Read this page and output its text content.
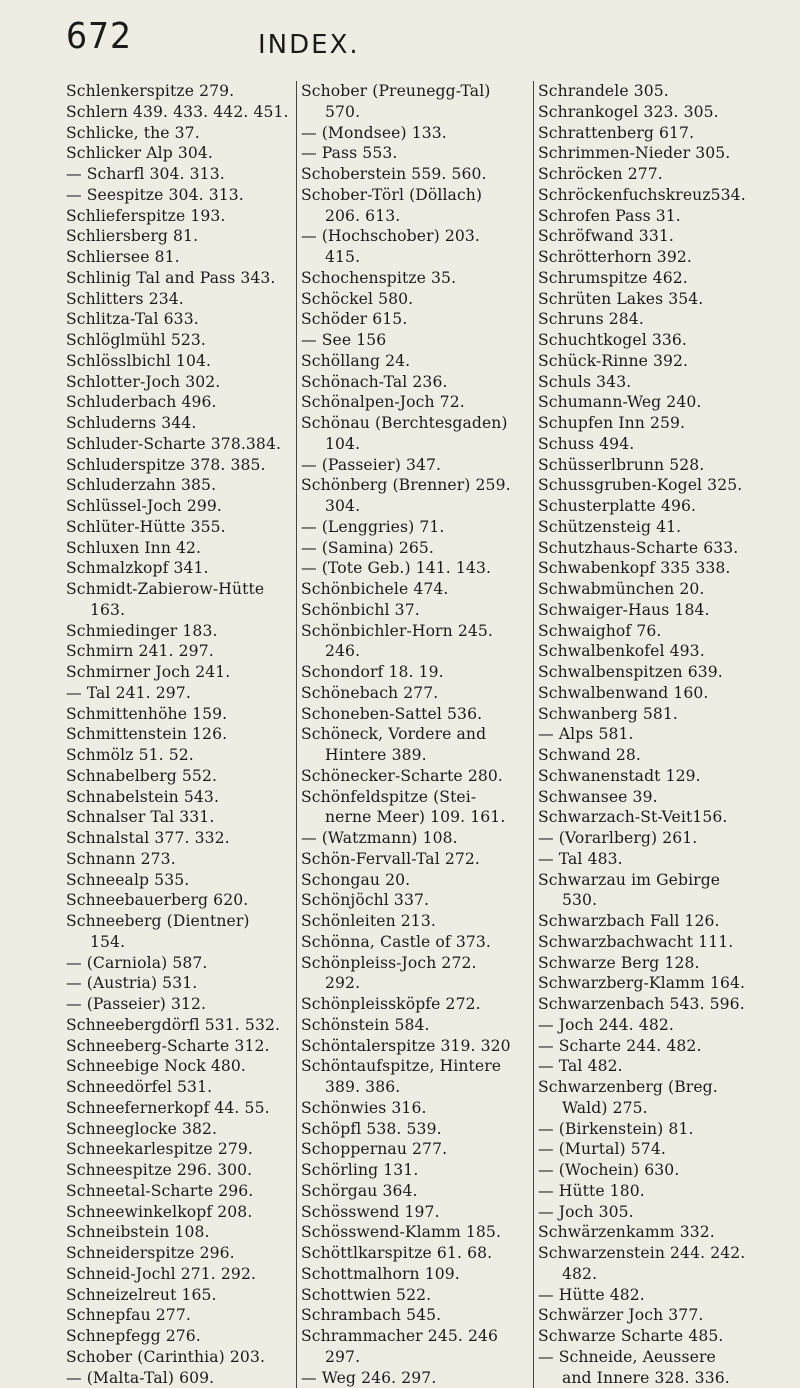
672	INDEX.
Schlenkerspitze 279.
Schlern 439. 433. 442. 451.
Schlicke, the 37.
Schlicker Alp 304.
— Scharfl 304. 313.
— Seespitze 304. 313.
Schlieferspitze 193.
Schliersberg 81.
Schliersee 81.
Schlinig Tal and Pass 343.
Schlitters 234.
Schlitza-Tal 633.
Schlöglmühl 523.
Schlösslbichl 104.
Schlotter-Joch 302.
Schluderbach 496.
Schluderns 344.
Schluder-Scharte 378.384.
Schluderspitze 378. 385.
Schluderzahn 385.
Schlüssel-Joch 299.
Schlüter-Hütte 355.
Schluxen Inn 42.
Schmalzkopf 341.
Schmidt-Zabierow-Hütte
163.
Schmiedinger 183.
Schmirn 241. 297.
Schmirner Joch 241.
— Tal 241. 297.
Schmittenhöhe 159.
Schmittenstein 126.
Schmölz 51. 52.
Schnabelberg 552.
Schnabelstein 543.
Schnalser Tal 331.
Schnalstal 377. 332.
Schnann 273.
Schneealp 535.
Schneebauerberg 620.
Schneeberg (Dientner)
154.
— (Carniola) 587.
— (Austria) 531.
— (Passeier) 312.
Schneebergdörfl 531. 532.
Schneeberg-Scharte 312.
Schneebige Nock 480.
Schneedörfel 531.
Schneefernerkopf 44. 55.
Schneeglocke 382.
Schneekarlespitze 279.
Schneespitze 296. 300.
Schneetal-Scharte 296.
Schneewinkelkopf 208.
Schneibstein 108.
Schneiderspitze 296.
Schneid-Jochl 271. 292.
Schneizelreut 165.
Schnepfau 277.
Schnepfegg 276.
Schober (Carinthia) 203.
— (Malta-Tal) 609.
Schober (Preunegg-Tal)
570.
— (Mondsee) 133.
— Pass 553.
Schoberstein 559. 560.
Schober-Törl (Döllach)
206. 613.
— (Hochschober) 203.
415.
Schochenspitze 35.
Schöckel 580.
Schöder 615.
— See 156
Schöllang 24.
Schönach-Tal 236.
Schönalpen-Joch 72.
Schönau (Berchtesgaden)
104.
— (Passeier) 347.
Schönberg (Brenner) 259.
304.
— (Lenggries) 71.
— (Samina) 265.
— (Tote Geb.) 141. 143.
Schönbichele 474.
Schönbichl 37.
Schönbichler-Horn 245.
246.
Schondorf 18. 19.
Schönebach 277.
Schoneben-Sattel 536.
Schöneck, Vordere and
Hintere 389.
Schönecker-Scharte 280.
Schönfeldspitze (Stei-
nerne Meer) 109. 161.
— (Watzmann) 108.
Schön-Fervall-Tal 272.
Schongau 20.
Schönjöchl 337.
Schönleiten 213.
Schönna, Castle of 373.
Schönpleiss-Joch 272.
292.
Schönpleissköpfe 272.
Schönstein 584.
Schöntalerspitze 319. 320
Schöntaufspitze, Hintere
389. 386.
Schönwies 316.
Schöpfl 538. 539.
Schoppernau 277.
Schörling 131.
Schörgau 364.
Schösswend 197.
Schösswend-Klamm 185.
Schöttlkarspitze 61. 68.
Schottmalhorn 109.
Schottwien 522.
Schrambach 545.
Schrammacher 245. 246
297.
— Weg 246. 297.
Schrandele 305.
Schrankogel 323. 305.
Schrattenberg 617.
Schrimmen-Nieder 305.
Schröcken 277.
Schröckenfuchskreuz534.
Schrofen Pass 31.
Schröfwand 331.
Schrötterhorn 392.
Schrumspitze 462.
Schrüten Lakes 354.
Schruns 284.
Schuchtkogel 336.
Schück-Rinne 392.
Schuls 343.
Schumann-Weg 240.
Schupfen Inn 259.
Schuss 494.
Schüsserlbrunn 528.
Schussgruben-Kogel 325.
Schusterplatte 496.
Schützensteig 41.
Schutzhaus-Scharte 633.
Schwabenkopf 335 338.
Schwabmünchen 20.
Schwaiger-Haus 184.
Schwaighof 76.
Schwalbenkofel 493.
Schwalbenspitzen 639.
Schwalbenwand 160.
Schwanberg 581.
— Alps 581.
Schwand 28.
Schwanenstadt 129.
Schwansee 39.
Schwarzach-St-Veit156.
— (Vorarlberg) 261.
— Tal 483.
Schwarzau im Gebirge
530.
Schwarzbach Fall 126.
Schwarzbachwacht 111.
Schwarze Berg 128.
Schwarzberg-Klamm 164.
Schwarzenbach 543. 596.
— Joch 244. 482.
— Scharte 244. 482.
— Tal 482.
Schwarzenberg (Breg.
Wald) 275.
— (Birkenstein) 81.
— (Murtal) 574.
— (Wochein) 630.
— Hütte 180.
— Joch 305.
Schwärzenkamm 332.
Schwarzenstein 244. 242.
482.
— Hütte 482.
Schwärzer Joch 377.
Schwarze Scharte 485.
— Schneide, Aeussere
and Innere 328. 336.
